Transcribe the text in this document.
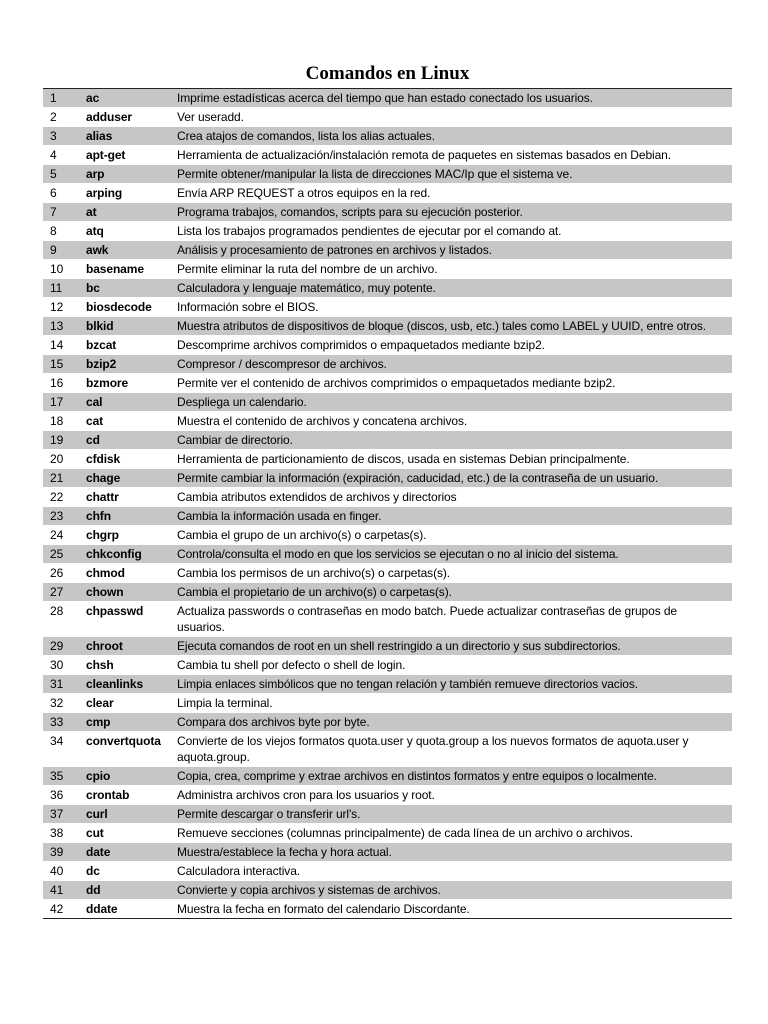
Comandos en Linux
1	ac	Imprime estadísticas acerca del tiempo que han estado conectado los usuarios.
2	adduser	Ver useradd.
3	alias	Crea atajos de comandos, lista los alias actuales.
4	apt-get	Herramienta de actualización/instalación remota de paquetes en sistemas basados en Debian.
5	arp	Permite obtener/manipular la lista de direcciones MAC/Ip que el sistema ve.
6	arping	Envía ARP REQUEST a otros equipos en la red.
7	at	Programa trabajos, comandos, scripts para su ejecución posterior.
8	atq	Lista los trabajos programados pendientes de ejecutar por el comando at.
9	awk	Análisis y procesamiento de patrones en archivos y listados.
10	basename	Permite eliminar la ruta del nombre de un archivo.
11	bc	Calculadora y lenguaje matemático, muy potente.
12	biosdecode	Información sobre el BIOS.
13	blkid	Muestra atributos de dispositivos de bloque (discos, usb, etc.) tales como LABEL y UUID, entre otros.
14	bzcat	Descomprime archivos comprimidos o empaquetados mediante bzip2.
15	bzip2	Compresor / descompresor de archivos.
16	bzmore	Permite ver el contenido de archivos comprimidos o empaquetados mediante bzip2.
17	cal	Despliega un calendario.
18	cat	Muestra el contenido de archivos y concatena archivos.
19	cd	Cambiar de directorio.
20	cfdisk	Herramienta de particionamiento de discos, usada en sistemas Debian principalmente.
21	chage	Permite cambiar la información (expiración, caducidad, etc.) de la contraseña de un usuario.
22	chattr	Cambia atributos extendidos de archivos y directorios
23	chfn	Cambia la información usada en finger.
24	chgrp	Cambia el grupo de un archivo(s) o carpetas(s).
25	chkconfig	Controla/consulta el modo en que los servicios se ejecutan o no al inicio del sistema.
26	chmod	Cambia los permisos de un archivo(s) o carpetas(s).
27	chown	Cambia el propietario de un archivo(s) o carpetas(s).
28	chpasswd	Actualiza passwords o contraseñas en modo batch. Puede actualizar contraseñas de grupos de usuarios.
29	chroot	Ejecuta comandos de root en un shell restringido a un directorio y sus subdirectorios.
30	chsh	Cambia tu shell por defecto o shell de login.
31	cleanlinks	Limpia enlaces simbólicos que no tengan relación y también remueve directorios vacios.
32	clear	Limpia la terminal.
33	cmp	Compara dos archivos byte por byte.
34	convertquota	Convierte de los viejos formatos quota.user y quota.group a los nuevos formatos de aquota.user y aquota.group.
35	cpio	Copia, crea, comprime y extrae archivos en distintos formatos y entre equipos o localmente.
36	crontab	Administra archivos cron para los usuarios y root.
37	curl	Permite descargar o transferir url's.
38	cut	Remueve secciones (columnas principalmente) de cada línea de un archivo o archivos.
39	date	Muestra/establece la fecha y hora actual.
40	dc	Calculadora interactiva.
41	dd	Convierte y copia archivos y sistemas de archivos.
42	ddate	Muestra la fecha en formato del calendario Discordante.
